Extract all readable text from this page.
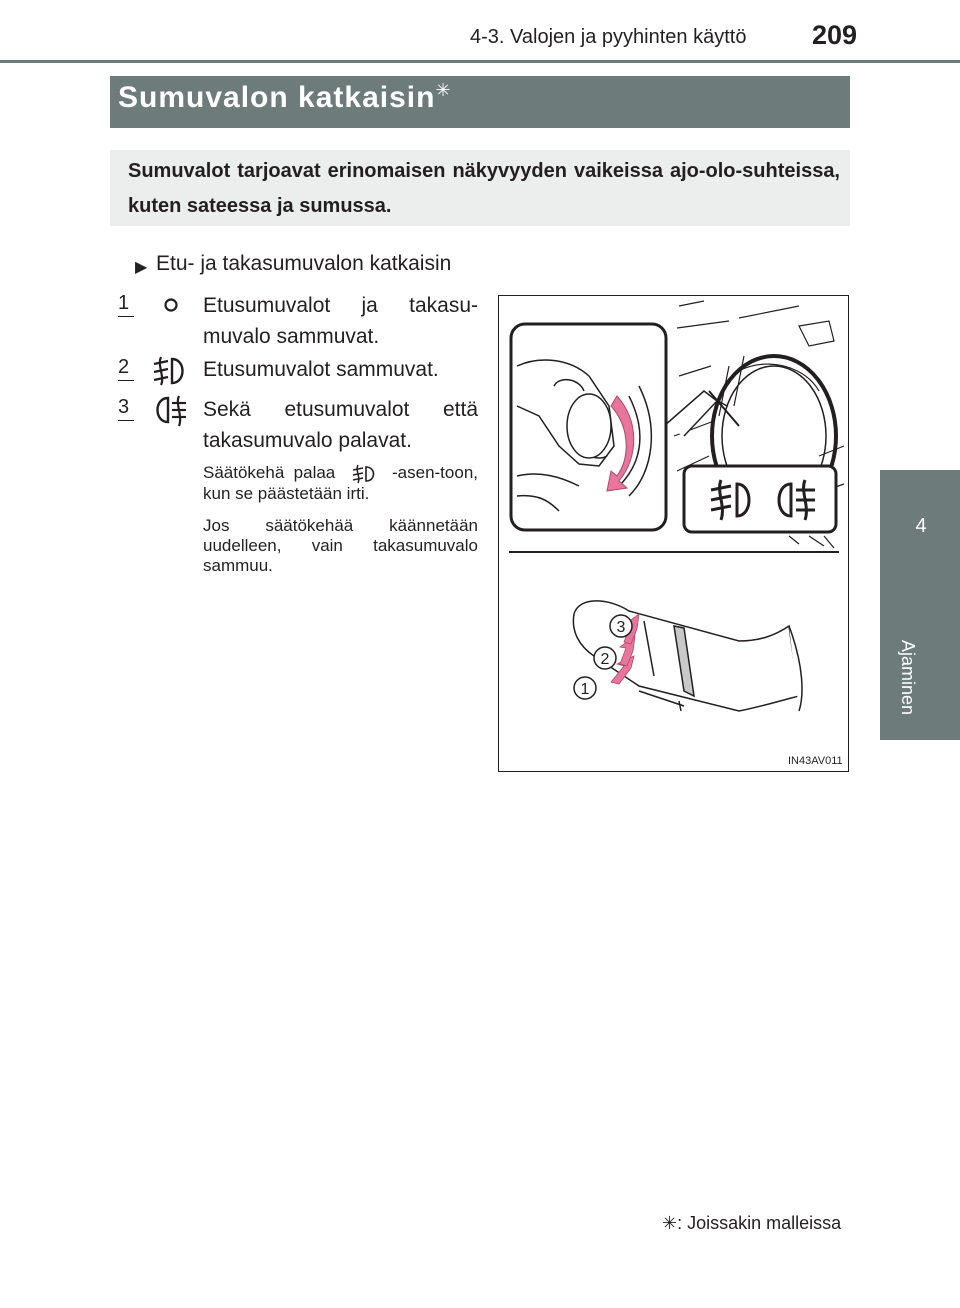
4-3. Valojen ja pyyhinten käyttö 209
4
Ajaminen
Sumuvalon katkaisin✳
Sumuvalot tarjoavat erinomaisen näkyvyyden vaikeissa ajo-olo-suhteissa, kuten sateessa ja sumussa.
▶ Etu- ja takasumuvalon katkaisin
1	Etusumuvalot ja takasu-muvalo sammuvat.
2	Etusumuvalot sammuvat.
3	Sekä etusumuvalot että takasumuvalo palavat.
Säätökehä palaa	-asen-toon, kun se päästetään irti.
Jos säätökehää käännetään uudelleen, vain takasumuvalo sammuu.
1
2
3
IN43AV011
✳: Joissakin malleissa
